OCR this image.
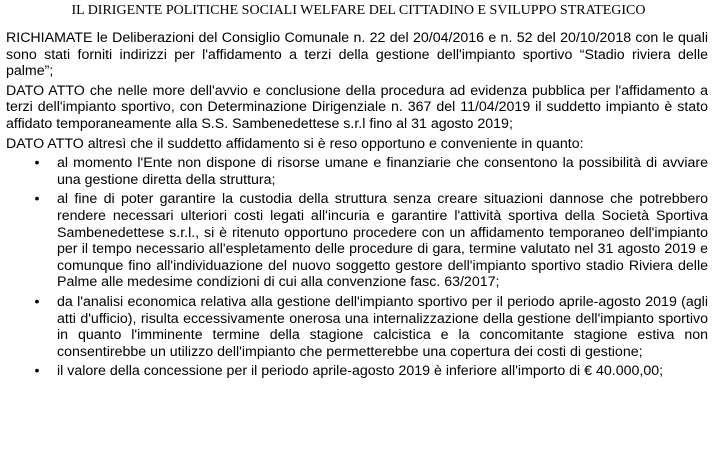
IL DIRIGENTE POLITICHE SOCIALI WELFARE DEL CITTADINO E SVILUPPO STRATEGICO

RICHIAMATE le Deliberazioni del Consiglio Comunale n. 22 del 20/04/2016 e n. 52 del 20/10/2018 con le quali sono stati forniti indirizzi per l'affidamento a terzi della gestione dell'impianto sportivo “Stadio riviera delle palme”;

DATO ATTO che nelle more dell'avvio e conclusione della procedura ad evidenza pubblica per l'affidamento a terzi dell'impianto sportivo, con Determinazione Dirigenziale n. 367 del 11/04/2019 il suddetto impianto è stato affidato temporaneamente alla S.S. Sambenedettese s.r.l fino al 31 agosto 2019;

DATO ATTO altresì che il suddetto affidamento si è reso opportuno e conveniente in quanto:

• al momento l'Ente non dispone di risorse umane e finanziarie che consentono la possibilità di avviare una gestione diretta della struttura;
• al fine di poter garantire la custodia della struttura senza creare situazioni dannose che potrebbero rendere necessari ulteriori costi legati all'incuria e garantire l'attività sportiva della Società Sportiva Sambenedettese s.r.l., si è ritenuto opportuno procedere con un affidamento temporaneo dell'impianto per il tempo necessario all'espletamento delle procedure di gara, termine valutato nel 31 agosto 2019 e comunque fino all'individuazione del nuovo soggetto gestore dell'impianto sportivo stadio Riviera delle Palme alle medesime condizioni di cui alla convenzione fasc. 63/2017;
• da l'analisi economica relativa alla gestione dell'impianto sportivo per il periodo aprile-agosto 2019 (agli atti d'ufficio), risulta eccessivamente onerosa una internalizzazione della gestione dell'impianto sportivo in quanto l'imminente termine della stagione calcistica e la concomitante stagione estiva non consentirebbe un utilizzo dell'impianto che permetterebbe una copertura dei costi di gestione;
• il valore della concessione per il periodo aprile-agosto 2019 è inferiore all'importo di € 40.000,00;
